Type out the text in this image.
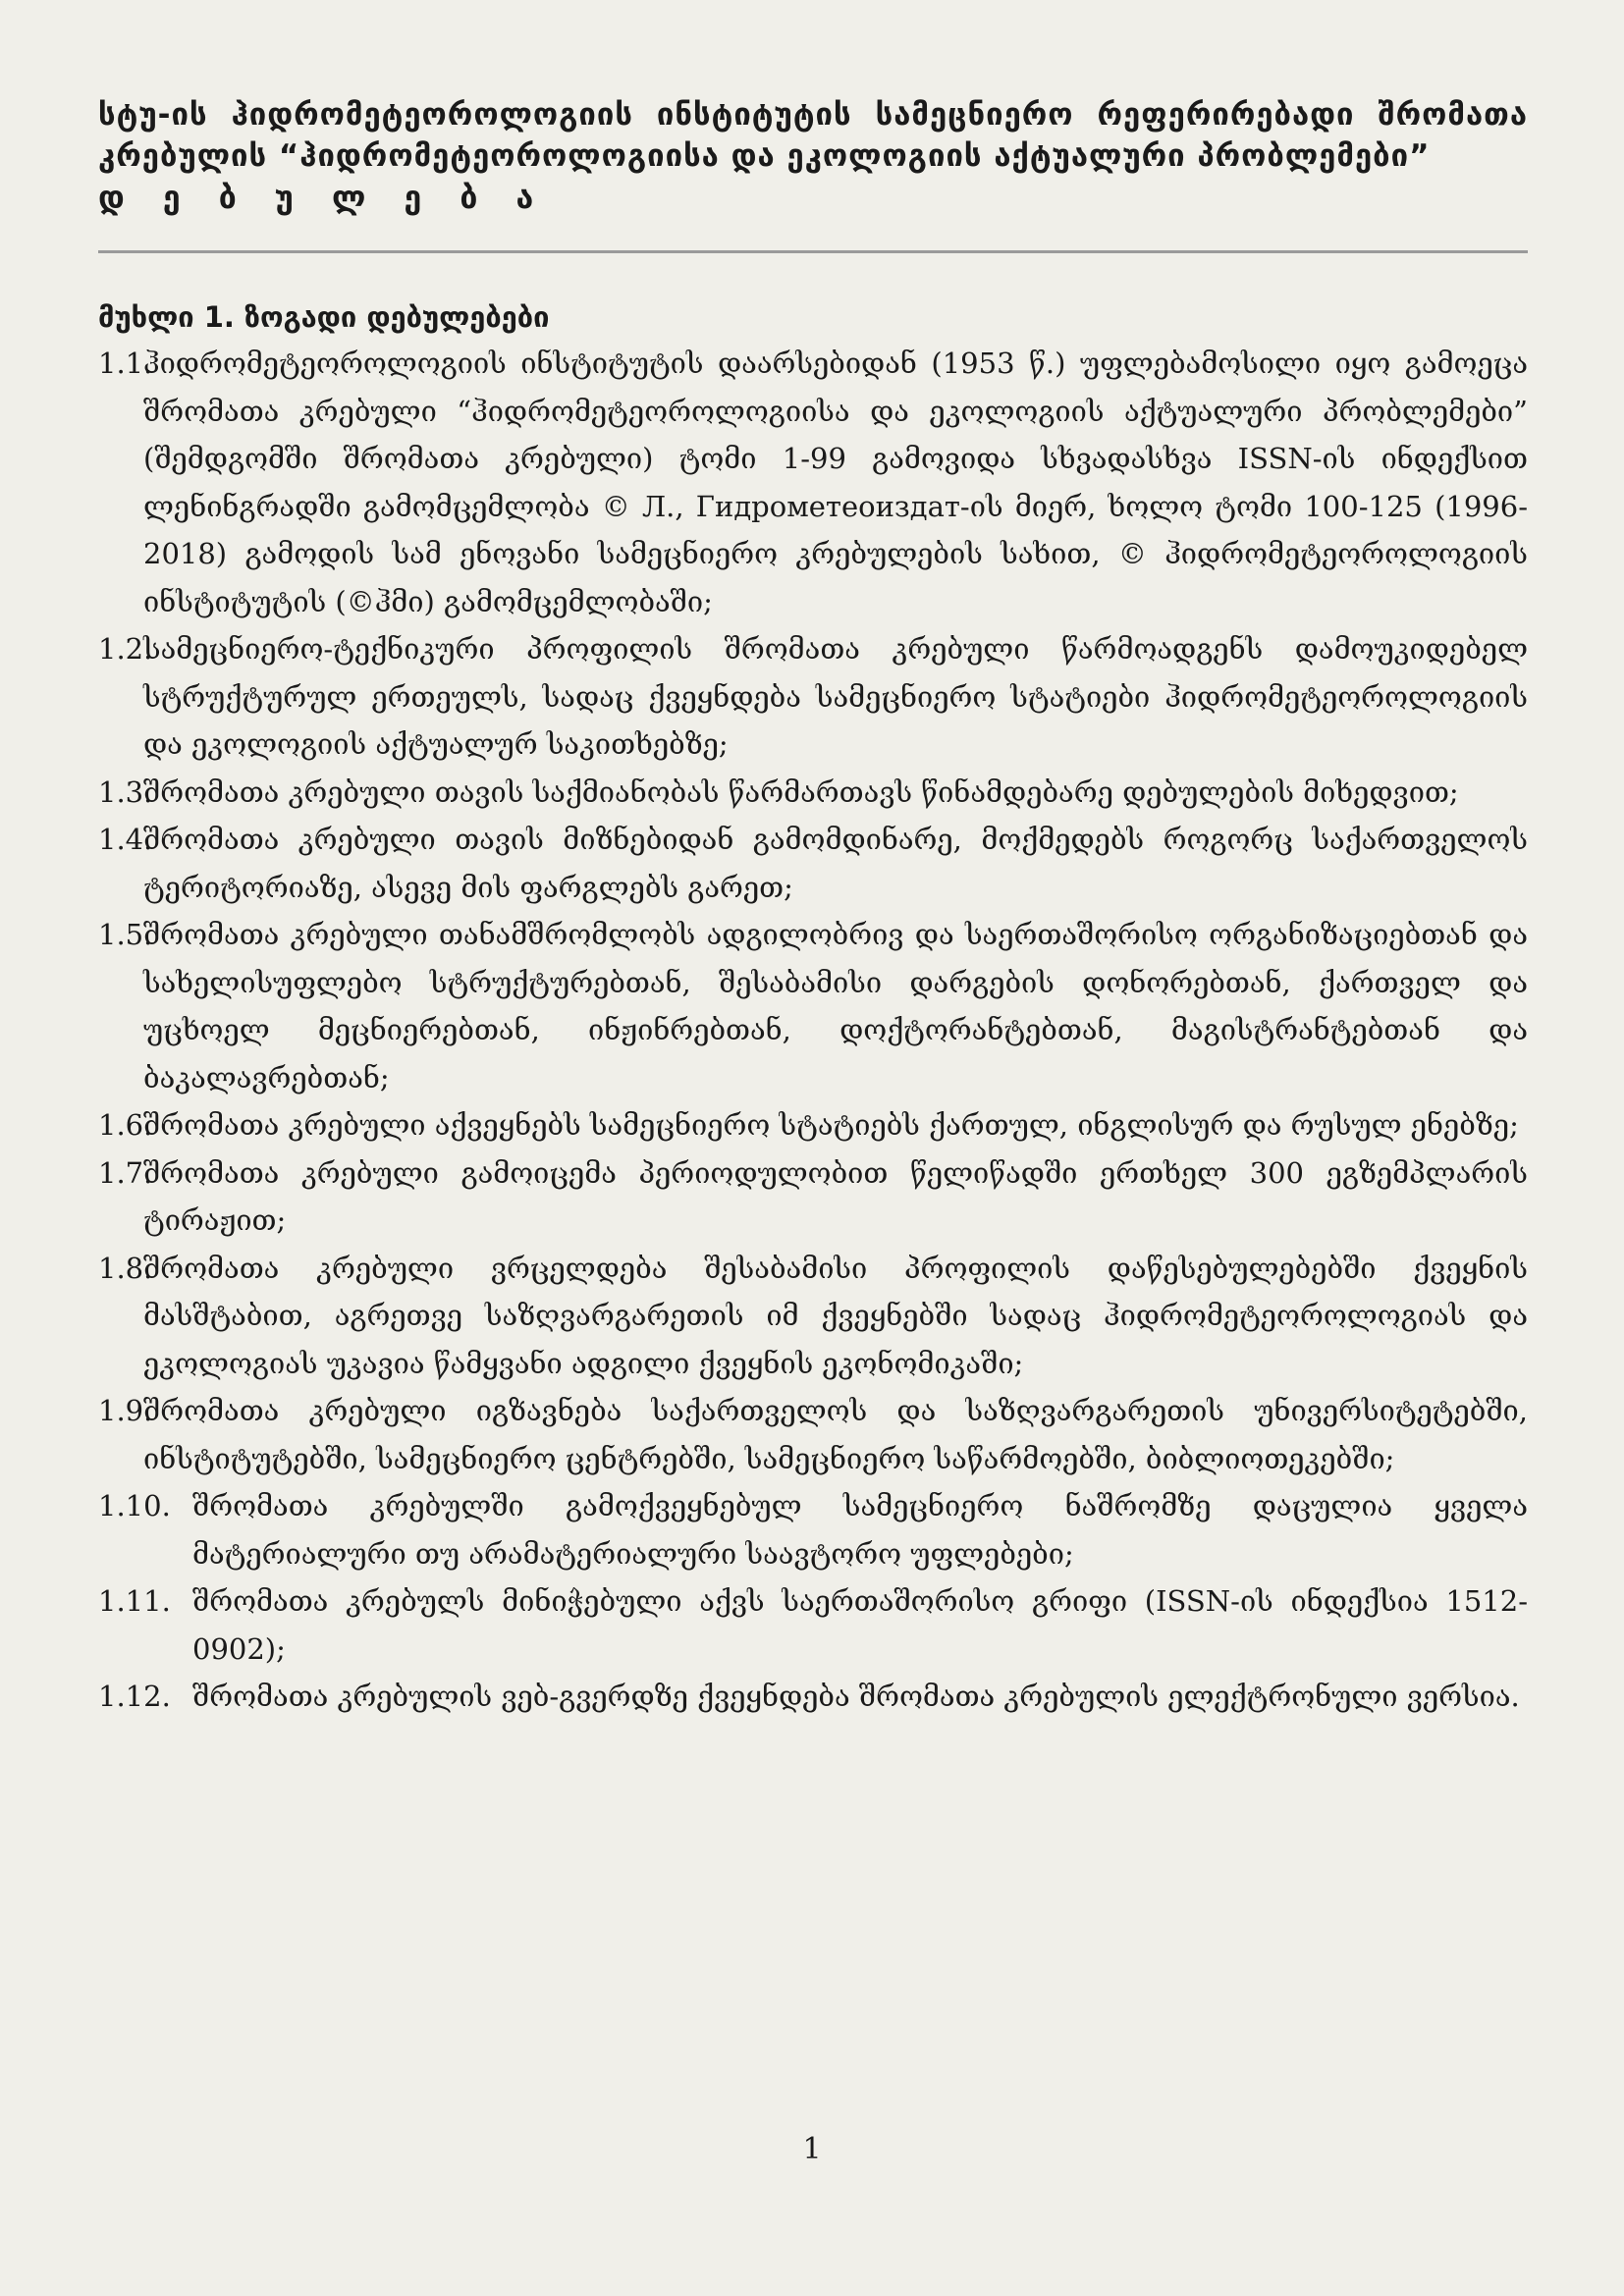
სტუ-ის ჰიდრომეტეოროლოგიის ინსტიტუტის სამეცნიერო რეფერირებადი შრომათა კრებულის “ჰიდრომეტეოროლოგიისა და ეკოლოგიის აქტუალური პრობლემები”
დ ე ბ უ ლ ე ბ ა
მუხლი 1. ზოგადი დებულებები
1.1.
ჰიდრომეტეოროლოგიის ინსტიტუტის დაარსებიდან (1953 წ.) უფლებამოსილი იყო გამოეცა შრომათა კრებული “ჰიდრომეტეოროლოგიისა და ეკოლოგიის აქტუალური პრობლემები” (შემდგომში შრომათა კრებული) ტომი 1-99 გამოვიდა სხვადასხვა ISSN-ის ინდექსით ლენინგრადში გამომცემლობა © Л., Гидрометеоиздат-ის მიერ, ხოლო ტომი 100-125 (1996-2018) გამოდის სამ ენოვანი სამეცნიერო კრებულების სახით, © ჰიდრომეტეოროლოგიის ინსტიტუტის (©ჰმი) გამომცემლობაში;
1.2.
სამეცნიერო-ტექნიკური პროფილის შრომათა კრებული წარმოადგენს დამოუკიდებელ სტრუქტურულ ერთეულს, სადაც ქვეყნდება სამეცნიერო სტატიები ჰიდრომეტეოროლოგიის და ეკოლოგიის აქტუალურ საკითხებზე;
1.3.
შრომათა კრებული თავის საქმიანობას წარმართავს წინამდებარე დებულების მიხედვით;
1.4.
შრომათა კრებული თავის მიზნებიდან გამომდინარე, მოქმედებს როგორც საქართველოს ტერიტორიაზე, ასევე მის ფარგლებს გარეთ;
1.5.
შრომათა კრებული თანამშრომლობს ადგილობრივ და საერთაშორისო ორგანიზაციებთან და სახელისუფლებო სტრუქტურებთან, შესაბამისი დარგების დონორებთან, ქართველ და უცხოელ მეცნიერებთან, ინჟინრებთან, დოქტორანტებთან, მაგისტრანტებთან და ბაკალავრებთან;
1.6.
შრომათა კრებული აქვეყნებს სამეცნიერო სტატიებს ქართულ, ინგლისურ და რუსულ ენებზე;
1.7.
შრომათა კრებული გამოიცემა პერიოდულობით წელიწადში ერთხელ 300 ეგზემპლარის ტირაჟით;
1.8.
შრომათა კრებული ვრცელდება შესაბამისი პროფილის დაწესებულებებში ქვეყნის მასშტაბით, აგრეთვე საზღვარგარეთის იმ ქვეყნებში სადაც ჰიდრომეტეოროლოგიას და ეკოლოგიას უკავია წამყვანი ადგილი ქვეყნის ეკონომიკაში;
1.9.
შრომათა კრებული იგზავნება საქართველოს და საზღვარგარეთის უნივერსიტეტებში, ინსტიტუტებში, სამეცნიერო ცენტრებში, სამეცნიერო საწარმოებში, ბიბლიოთეკებში;
1.10. შრომათა კრებულში გამოქვეყნებულ სამეცნიერო ნაშრომზე დაცულია ყველა მატერიალური თუ არამატერიალური საავტორო უფლებები;
1.11. შრომათა კრებულს მინიჭებული აქვს საერთაშორისო გრიფი (ISSN-ის ინდექსია 1512-0902);
1.12. შრომათა კრებულის ვებ-გვერდზე ქვეყნდება შრომათა კრებულის ელექტრონული ვერსია.
1
